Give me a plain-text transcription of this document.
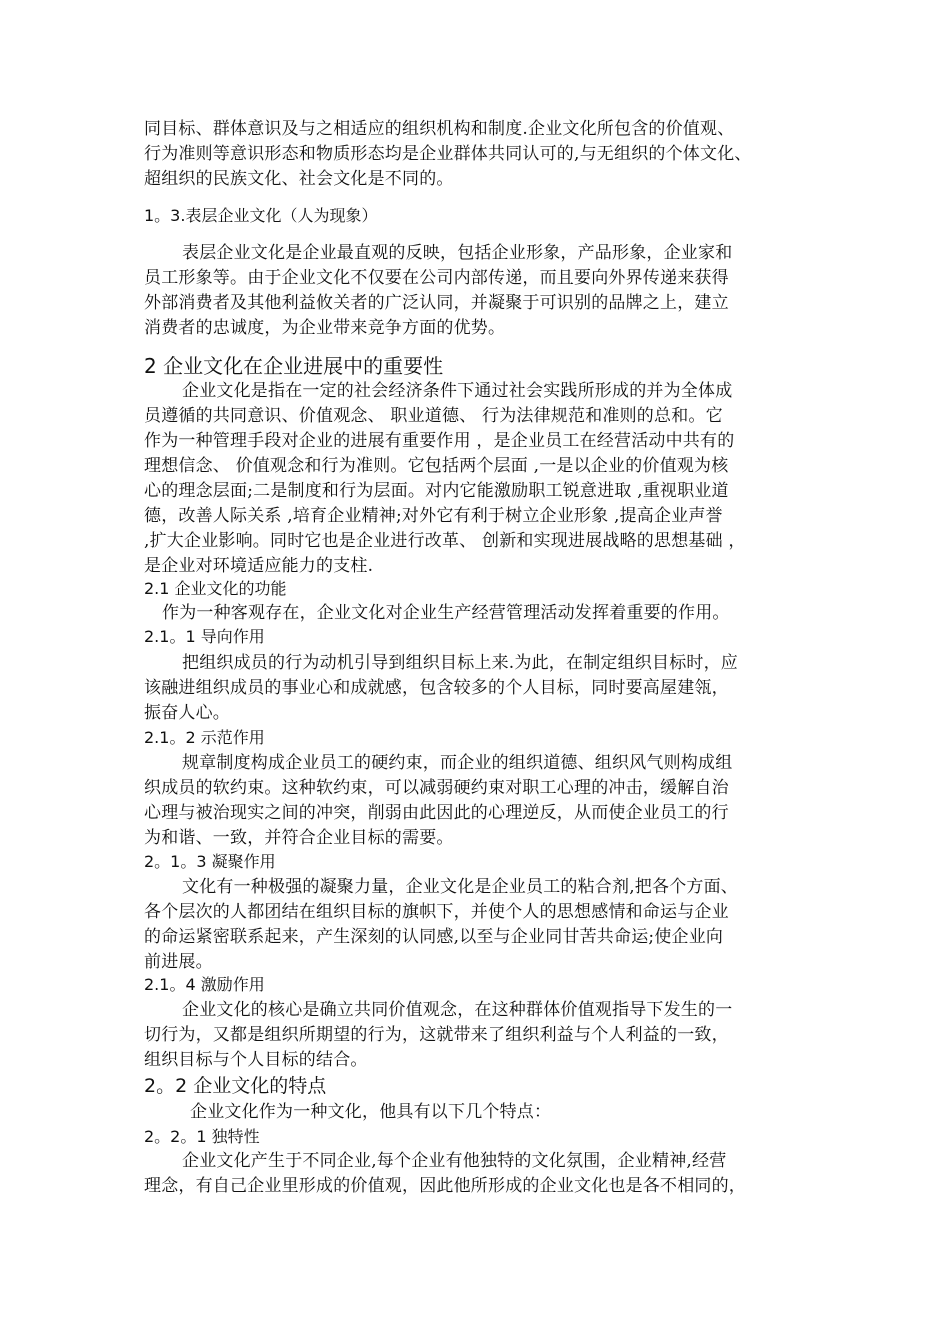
同目标、群体意识及与之相适应的组织机构和制度.企业文化所包含的价值观、
行为准则等意识形态和物质形态均是企业群体共同认可的,与无组织的个体文化、
超组织的民族文化、社会文化是不同的。
1。3.表层企业文化（人为现象）
表层企业文化是企业最直观的反映，包括企业形象，产品形象，企业家和
员工形象等。由于企业文化不仅要在公司内部传递，而且要向外界传递来获得
外部消费者及其他利益攸关者的广泛认同，并凝聚于可识别的品牌之上，建立
消费者的忠诚度，为企业带来竞争方面的优势。
2 企业文化在企业进展中的重要性
企业文化是指在一定的社会经济条件下通过社会实践所形成的并为全体成
员遵循的共同意识、价值观念、 职业道德、 行为法律规范和准则的总和。它
作为一种管理手段对企业的进展有重要作用 ，是企业员工在经营活动中共有的
理想信念、 价值观念和行为准则。它包括两个层面 ,一是以企业的价值观为核
心的理念层面;二是制度和行为层面。对内它能激励职工锐意进取 ,重视职业道
德，改善人际关系 ,培育企业精神;对外它有利于树立企业形象 ,提高企业声誉
,扩大企业影响。同时它也是企业进行改革、 创新和实现进展战略的思想基础 ，
是企业对环境适应能力的支柱.
2.1 企业文化的功能
作为一种客观存在，企业文化对企业生产经营管理活动发挥着重要的作用。
2.1。1 导向作用
把组织成员的行为动机引导到组织目标上来.为此，在制定组织目标时，应
该融进组织成员的事业心和成就感，包含较多的个人目标，同时要高屋建瓴，
振奋人心。
2.1。2 示范作用
规章制度构成企业员工的硬约束，而企业的组织道德、组织风气则构成组
织成员的软约束。这种软约束，可以减弱硬约束对职工心理的冲击，缓解自治
心理与被治现实之间的冲突，削弱由此因此的心理逆反，从而使企业员工的行
为和谐、一致，并符合企业目标的需要。
2。1。3 凝聚作用
文化有一种极强的凝聚力量，企业文化是企业员工的粘合剂,把各个方面、
各个层次的人都团结在组织目标的旗帜下，并使个人的思想感情和命运与企业
的命运紧密联系起来，产生深刻的认同感,以至与企业同甘苦共命运;使企业向
前进展。
2.1。4 激励作用
企业文化的核心是确立共同价值观念，在这种群体价值观指导下发生的一
切行为，又都是组织所期望的行为，这就带来了组织利益与个人利益的一致，
组织目标与个人目标的结合。
2。2 企业文化的特点
企业文化作为一种文化，他具有以下几个特点：
2。2。1 独特性
企业文化产生于不同企业,每个企业有他独特的文化氛围，企业精神,经营
理念，有自己企业里形成的价值观，因此他所形成的企业文化也是各不相同的，
